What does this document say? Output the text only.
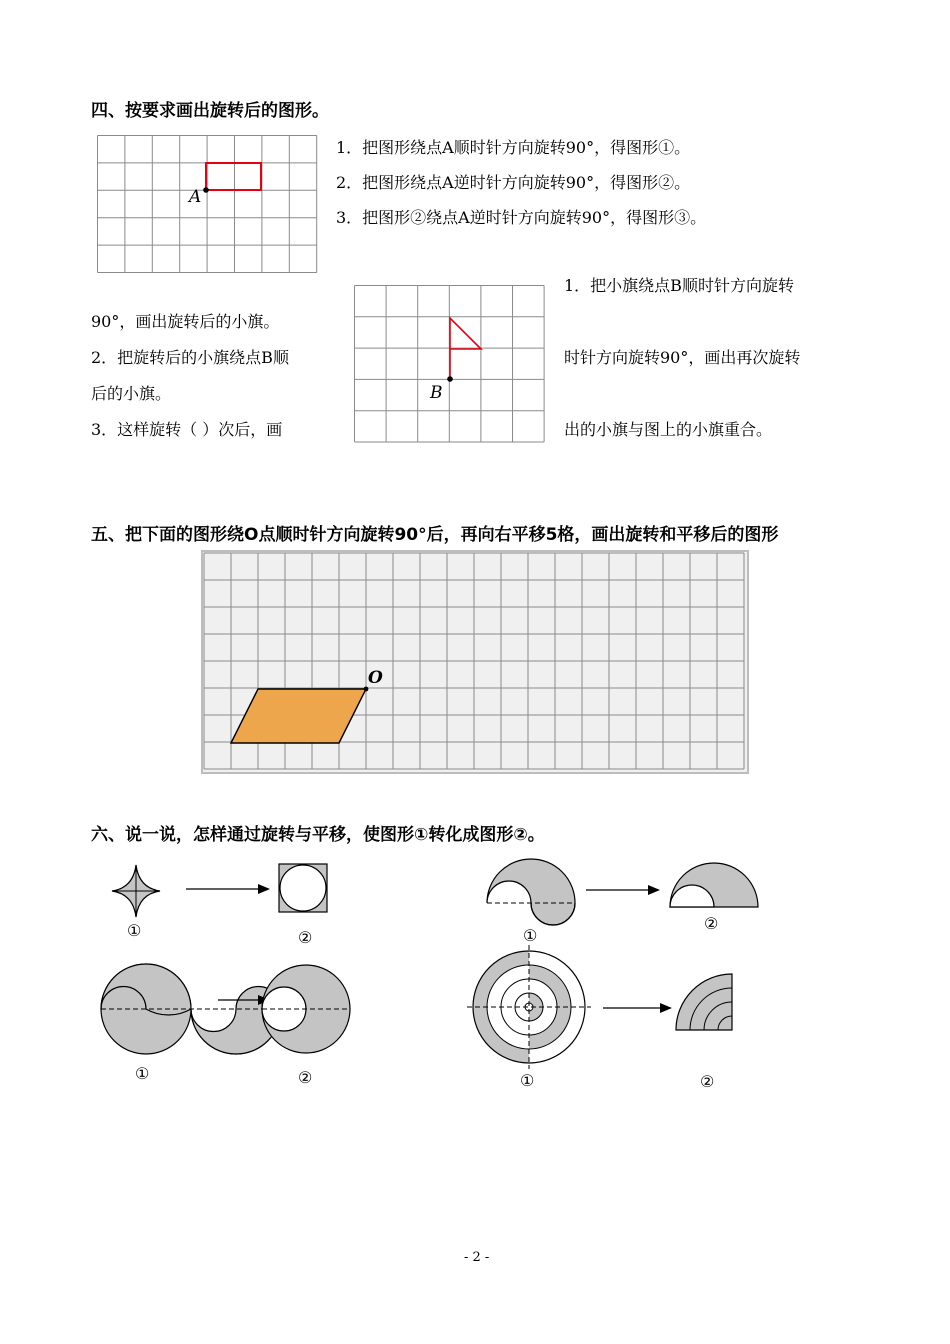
四、按要求画出旋转后的图形。
A
1．把图形绕点A顺时针方向旋转90°，得图形①。
2．把图形绕点A逆时针方向旋转90°，得图形②。
3．把图形②绕点A逆时针方向旋转90°，得图形③。
B
1．把小旗绕点B顺时针方向旋转
90°，画出旋转后的小旗。
2．把旋转后的小旗绕点B顺	时针方向旋转90°，画出再次旋转
后的小旗。
3．这样旋转（ ）次后，画	出的小旗与图上的小旗重合。
五、把下面的图形绕O点顺时针方向旋转90°后，再向右平移5格，画出旋转和平移后的图形
O
六、说一说，怎样通过旋转与平移，使图形①转化成图形②。
①	②	①
②
①	②	①	②
- 2 -
